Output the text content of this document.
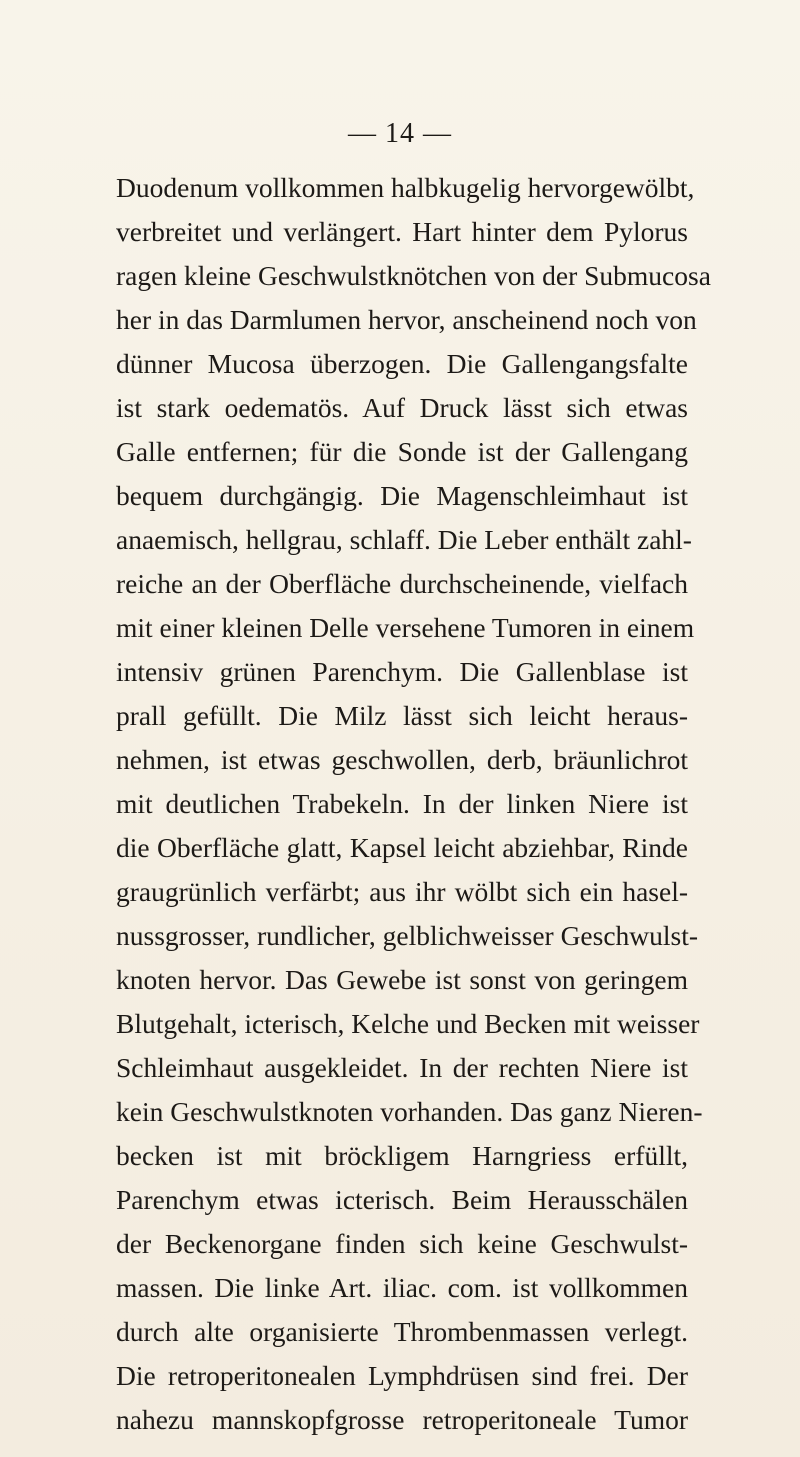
— 14 —
Duodenum vollkommen halbkugelig hervorgewölbt,
verbreitet und verlängert. Hart hinter dem Pylorus
ragen kleine Geschwulstknötchen von der Submucosa
her in das Darmlumen hervor, anscheinend noch von
dünner Mucosa überzogen. Die Gallengangsfalte
ist stark oedematös. Auf Druck lässt sich etwas
Galle entfernen; für die Sonde ist der Gallengang
bequem durchgängig. Die Magenschleimhaut ist
anaemisch, hellgrau, schlaff. Die Leber enthält zahl-
reiche an der Oberfläche durchscheinende, vielfach
mit einer kleinen Delle versehene Tumoren in einem
intensiv grünen Parenchym. Die Gallenblase ist
prall gefüllt. Die Milz lässt sich leicht heraus-
nehmen, ist etwas geschwollen, derb, bräunlichrot
mit deutlichen Trabekeln. In der linken Niere ist
die Oberfläche glatt, Kapsel leicht abziehbar, Rinde
graugrünlich verfärbt; aus ihr wölbt sich ein hasel-
nussgrosser, rundlicher, gelblichweisser Geschwulst-
knoten hervor. Das Gewebe ist sonst von geringem
Blutgehalt, icterisch, Kelche und Becken mit weisser
Schleimhaut ausgekleidet. In der rechten Niere ist
kein Geschwulstknoten vorhanden. Das ganz Nieren-
becken ist mit bröckligem Harngriess erfüllt,
Parenchym etwas icterisch. Beim Herausschälen
der Beckenorgane finden sich keine Geschwulst-
massen. Die linke Art. iliac. com. ist vollkommen
durch alte organisierte Thrombenmassen verlegt.
Die retroperitonealen Lymphdrüsen sind frei. Der
nahezu mannskopfgrosse retroperitoneale Tumor
